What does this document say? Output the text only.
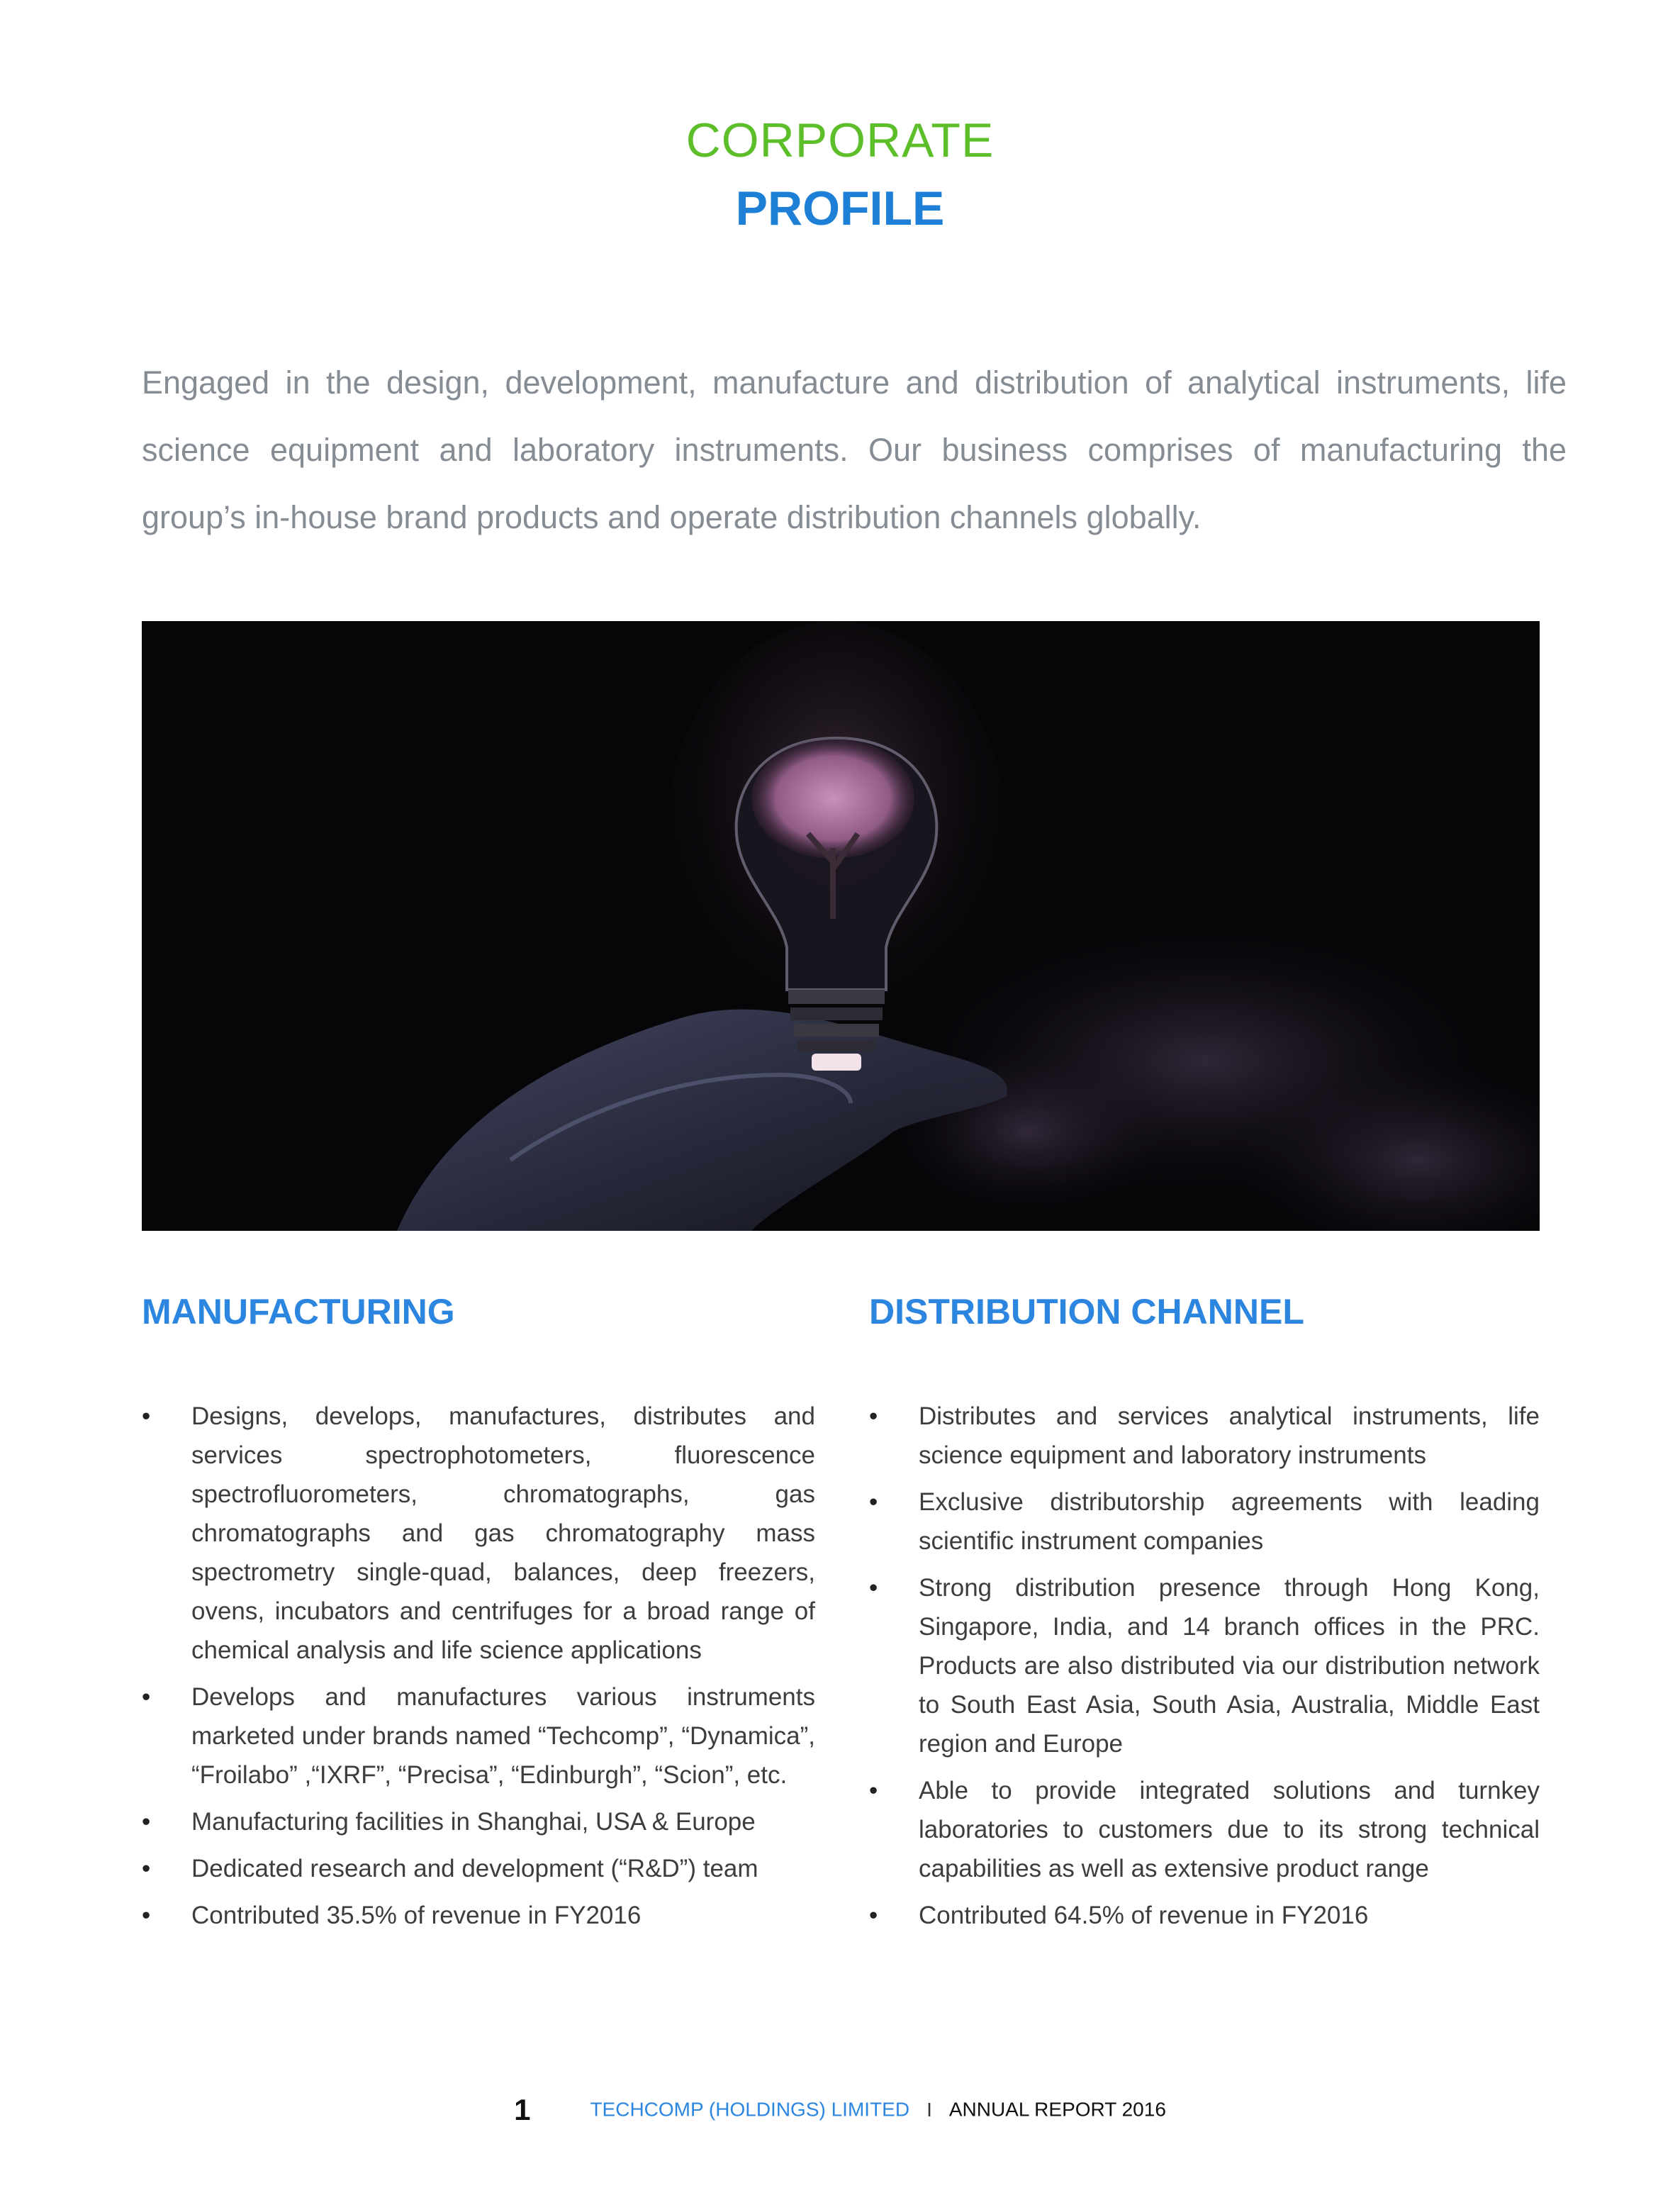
CORPORATE
PROFILE
Engaged in the design, development, manufacture and distribution of analytical instruments, life science equipment and laboratory instruments. Our business comprises of manufacturing the group’s in-house brand products and operate distribution channels globally.
MANUFACTURING
• Designs, develops, manufactures, distributes and services spectrophotometers, fluorescence spectrofluorometers, chromatographs, gas chromatographs and gas chromatography mass spectrometry single-quad, balances, deep freezers, ovens, incubators and centrifuges for a broad range of chemical analysis and life science applications
• Develops and manufactures various instruments marketed under brands named “Techcomp”, “Dynamica”, “Froilabo” ,“IXRF”, “Precisa”, “Edinburgh”, “Scion”, etc.
• Manufacturing facilities in Shanghai, USA & Europe
• Dedicated research and development (“R&D”) team
• Contributed 35.5% of revenue in FY2016
DISTRIBUTION CHANNEL
• Distributes and services analytical instruments, life science equipment and laboratory instruments
• Exclusive distributorship agreements with leading scientific instrument companies
• Strong distribution presence through Hong Kong, Singapore, India, and 14 branch offices in the PRC. Products are also distributed via our distribution network to South East Asia, South Asia, Australia, Middle East region and Europe
• Able to provide integrated solutions and turnkey laboratories to customers due to its strong technical capabilities as well as extensive product range
• Contributed 64.5% of revenue in FY2016
1	TECHCOMP (HOLDINGS) LIMITED I ANNUAL REPORT 2016
